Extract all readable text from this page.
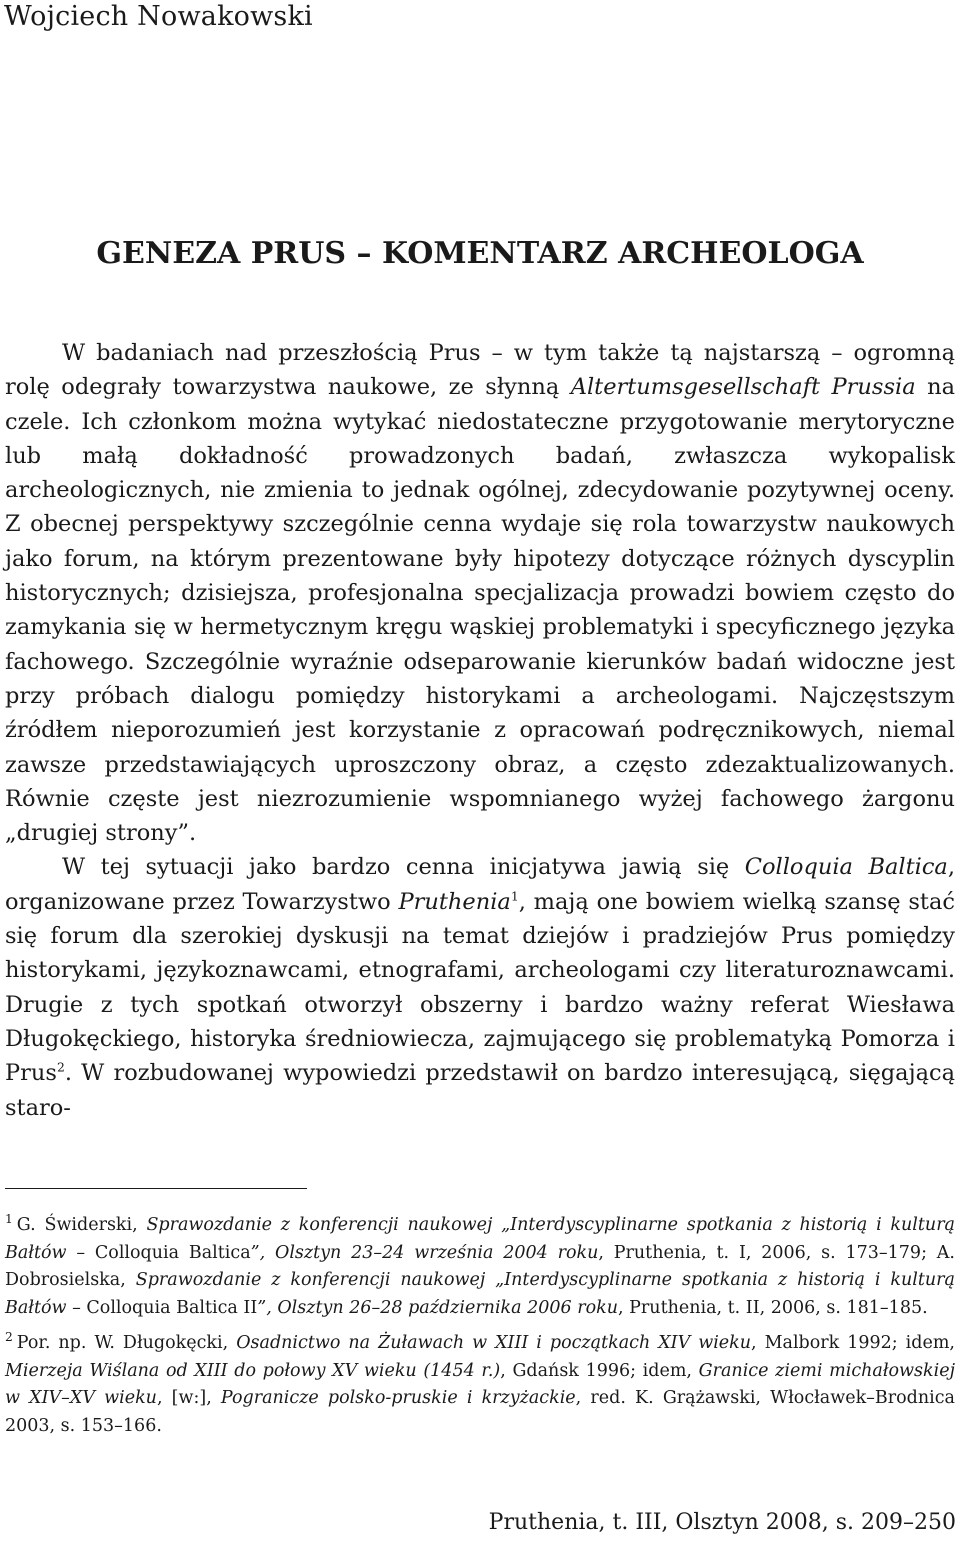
Wojciech Nowakowski
GENEZA PRUS – KOMENTARZ ARCHEOLOGA

W badaniach nad przeszłością Prus – w tym także tą najstarszą – ogromną rolę odegrały towarzystwa naukowe, ze słynną Altertumsgesellschaft Prussia na czele. Ich członkom można wytykać niedostateczne przygotowanie merytoryczne lub małą dokładność prowadzonych badań, zwłaszcza wykopalisk archeologicznych, nie zmienia to jednak ogólnej, zdecydowanie pozytywnej oceny. Z obecnej perspektywy szczególnie cenna wydaje się rola towarzystw naukowych jako forum, na którym prezentowane były hipotezy dotyczące różnych dyscyplin historycznych; dzisiejsza, profesjonalna specjalizacja prowadzi bowiem często do zamykania się w hermetycznym kręgu wąskiej problematyki i specyficznego języka fachowego. Szczególnie wyraźnie odseparowanie kierunków badań widoczne jest przy próbach dialogu pomiędzy historykami a archeologami. Najczęstszym źródłem nieporozumień jest korzystanie z opracowań podręcznikowych, niemal zawsze przedstawiających uproszczony obraz, a często zdezaktualizowanych. Równie częste jest niezrozumienie wspomnianego wyżej fachowego żargonu „drugiej strony”.

W tej sytuacji jako bardzo cenna inicjatywa jawią się Colloquia Baltica, organizowane przez Towarzystwo Pruthenia$^1$, mają one bowiem wielką szansę stać się forum dla szerokiej dyskusji na temat dziejów i pradziejów Prus pomiędzy historykami, językoznawcami, etnografami, archeologami czy literaturoznawcami. Drugie z tych spotkań otworzył obszerny i bardzo ważny referat Wiesława Długokęckiego, historyka średniowiecza, zajmującego się problematyką Pomorza i Prus$^2$. W rozbudowanej wypowiedzi przedstawił on bardzo interesującą, sięgającą staro-

$^1$ G. Świderski, Sprawozdanie z konferencji naukowej „Interdyscyplinarne spotkania z historią i kulturą Bałtów – Colloquia Baltica”, Olsztyn 23–24 września 2004 roku, Pruthenia, t. I, 2006, s. 173–179; A. Dobrosielska, Sprawozdanie z konferencji naukowej „Interdyscyplinarne spotkania z historią i kulturą Bałtów – Colloquia Baltica II”, Olsztyn 26–28 października 2006 roku, Pruthenia, t. II, 2006, s. 181–185.

$^2$ Por. np. W. Długokęcki, Osadnictwo na Żuławach w XIII i początkach XIV wieku, Malbork 1992; idem, Mierzeja Wiślana od XIII do połowy XV wieku (1454 r.), Gdańsk 1996; idem, Granice ziemi michałowskiej w XIV–XV wieku, [w:], Pogranicze polsko-pruskie i krzyżackie, red. K. Grążawski, Włocławek–Brodnica 2003, s. 153–166.

Pruthenia, t. III, Olsztyn 2008, s. 209–250
